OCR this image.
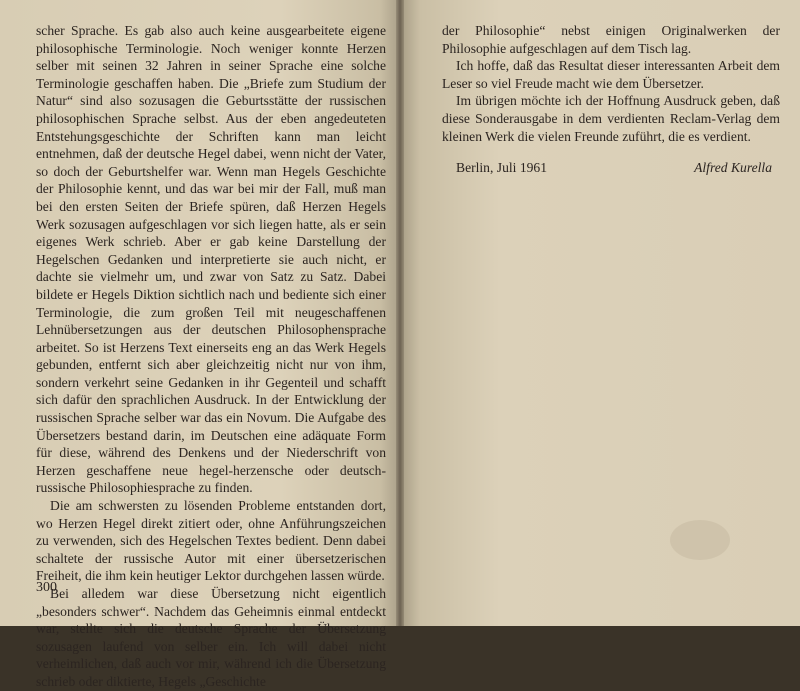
scher Sprache. Es gab also auch keine ausgearbeitete eigene philosophische Terminologie. Noch weniger konnte Herzen selber mit seinen 32 Jahren in seiner Sprache eine solche Terminologie geschaffen haben. Die „Briefe zum Studium der Natur“ sind also sozusagen die Geburtsstätte der russischen philosophischen Sprache selbst. Aus der eben angedeuteten Entstehungsgeschichte der Schriften kann man leicht entnehmen, daß der deutsche Hegel dabei, wenn nicht der Vater, so doch der Geburtshelfer war. Wenn man Hegels Geschichte der Philosophie kennt, und das war bei mir der Fall, muß man bei den ersten Seiten der Briefe spüren, daß Herzen Hegels Werk sozusagen aufgeschlagen vor sich liegen hatte, als er sein eigenes Werk schrieb. Aber er gab keine Darstellung der Hegelschen Gedanken und interpretierte sie auch nicht, er dachte sie vielmehr um, und zwar von Satz zu Satz. Dabei bildete er Hegels Diktion sichtlich nach und bediente sich einer Terminologie, die zum großen Teil mit neugeschaffenen Lehnübersetzungen aus der deutschen Philosophensprache arbeitet. So ist Herzens Text einerseits eng an das Werk Hegels gebunden, entfernt sich aber gleichzeitig nicht nur von ihm, sondern verkehrt seine Gedanken in ihr Gegenteil und schafft sich dafür den sprachlichen Ausdruck. In der Entwicklung der russischen Sprache selber war das ein Novum. Die Aufgabe des Übersetzers bestand darin, im Deutschen eine adäquate Form für diese, während des Denkens und der Niederschrift von Herzen geschaffene neue hegel-herzensche oder deutsch-russische Philosophiesprache zu finden.

Die am schwersten zu lösenden Probleme entstanden dort, wo Herzen Hegel direkt zitiert oder, ohne Anführungszeichen zu verwenden, sich des Hegelschen Textes bedient. Denn dabei schaltete der russische Autor mit einer übersetzerischen Freiheit, die ihm kein heutiger Lektor durchgehen lassen würde.

Bei alledem war diese Übersetzung nicht eigentlich „besonders schwer“. Nachdem das Geheimnis einmal entdeckt war, stellte sich die deutsche Sprache der Übersetzung sozusagen laufend von selber ein. Ich will dabei nicht verheimlichen, daß auch vor mir, während ich die Übersetzung schrieb oder diktierte, Hegels „Geschichte

300

der Philosophie“ nebst einigen Originalwerken der Philosophie aufgeschlagen auf dem Tisch lag.

Ich hoffe, daß das Resultat dieser interessanten Arbeit dem Leser so viel Freude macht wie dem Übersetzer.

Im übrigen möchte ich der Hoffnung Ausdruck geben, daß diese Sonderausgabe in dem verdienten Reclam-Verlag dem kleinen Werk die vielen Freunde zuführt, die es verdient.

Berlin, Juli 1961	Alfred Kurella
